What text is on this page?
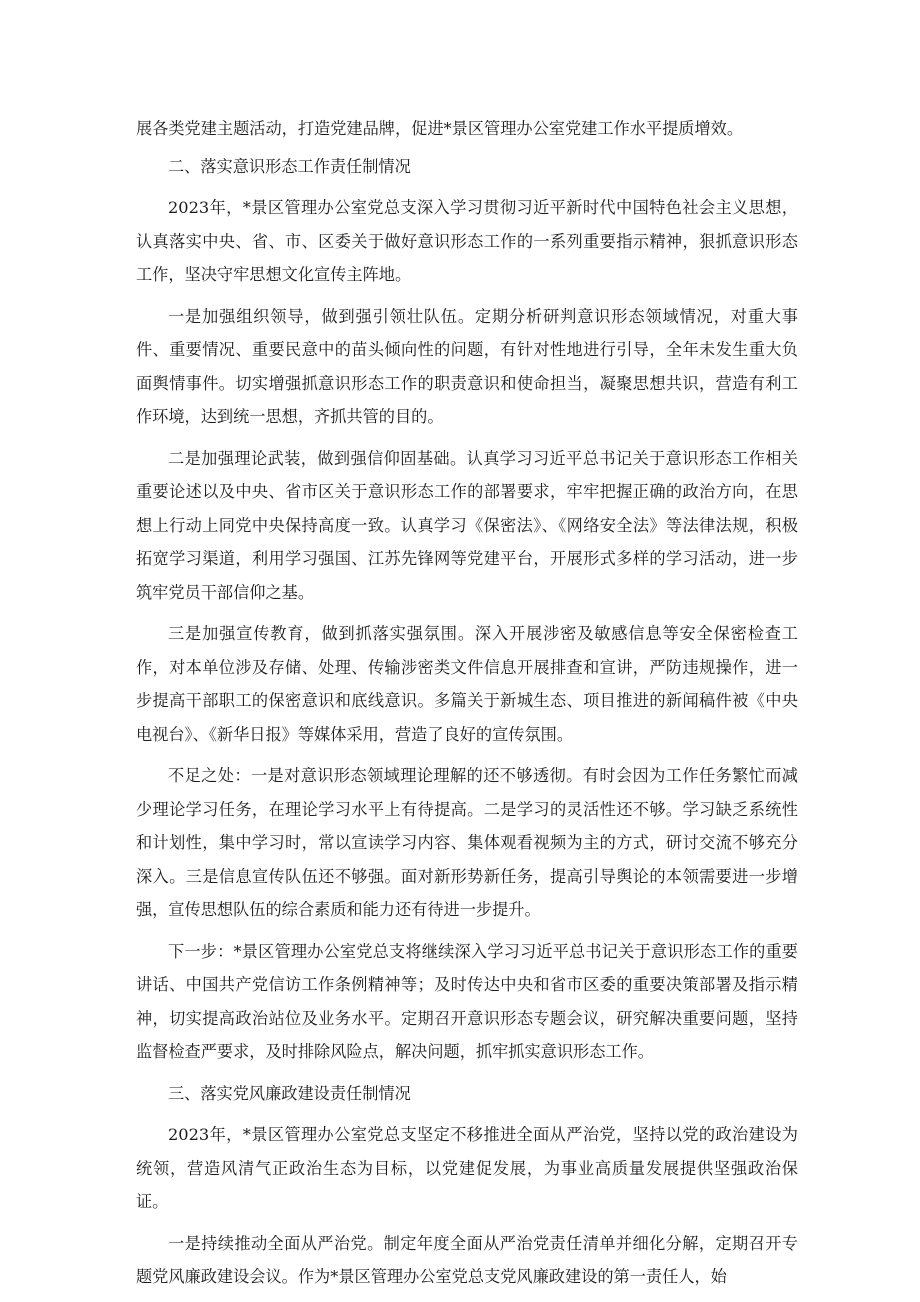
展各类党建主题活动，打造党建品牌，促进*景区管理办公室党建工作水平提质增效。

二、落实意识形态工作责任制情况

2023年，*景区管理办公室党总支深入学习贯彻习近平新时代中国特色社会主义思想，认真落实中央、省、市、区委关于做好意识形态工作的一系列重要指示精神，狠抓意识形态工作，坚决守牢思想文化宣传主阵地。

一是加强组织领导，做到强引领壮队伍。定期分析研判意识形态领域情况，对重大事件、重要情况、重要民意中的苗头倾向性的问题，有针对性地进行引导，全年未发生重大负面舆情事件。切实增强抓意识形态工作的职责意识和使命担当，凝聚思想共识，营造有利工作环境，达到统一思想，齐抓共管的目的。

二是加强理论武装，做到强信仰固基础。认真学习习近平总书记关于意识形态工作相关重要论述以及中央、省市区关于意识形态工作的部署要求，牢牢把握正确的政治方向，在思想上行动上同党中央保持高度一致。认真学习《保密法》、《网络安全法》等法律法规，积极拓宽学习渠道，利用学习强国、江苏先锋网等党建平台，开展形式多样的学习活动，进一步筑牢党员干部信仰之基。

三是加强宣传教育，做到抓落实强氛围。深入开展涉密及敏感信息等安全保密检查工作，对本单位涉及存储、处理、传输涉密类文件信息开展排查和宣讲，严防违规操作，进一步提高干部职工的保密意识和底线意识。多篇关于新城生态、项目推进的新闻稿件被《中央电视台》、《新华日报》等媒体采用，营造了良好的宣传氛围。

不足之处：一是对意识形态领域理论理解的还不够透彻。有时会因为工作任务繁忙而减少理论学习任务，在理论学习水平上有待提高。二是学习的灵活性还不够。学习缺乏系统性和计划性，集中学习时，常以宣读学习内容、集体观看视频为主的方式，研讨交流不够充分深入。三是信息宣传队伍还不够强。面对新形势新任务，提高引导舆论的本领需要进一步增强，宣传思想队伍的综合素质和能力还有待进一步提升。

下一步：*景区管理办公室党总支将继续深入学习习近平总书记关于意识形态工作的重要讲话、中国共产党信访工作条例精神等；及时传达中央和省市区委的重要决策部署及指示精神，切实提高政治站位及业务水平。定期召开意识形态专题会议，研究解决重要问题，坚持监督检查严要求，及时排除风险点，解决问题，抓牢抓实意识形态工作。

三、落实党风廉政建设责任制情况

2023年，*景区管理办公室党总支坚定不移推进全面从严治党，坚持以党的政治建设为统领，营造风清气正政治生态为目标，以党建促发展，为事业高质量发展提供坚强政治保证。

一是持续推动全面从严治党。制定年度全面从严治党责任清单并细化分解，定期召开专题党风廉政建设会议。作为*景区管理办公室党总支党风廉政建设的第一责任人，始
